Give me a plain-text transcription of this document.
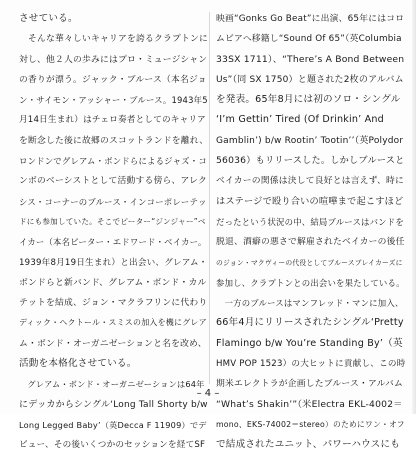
させている。
　そんな華々しいキャリアを誇るクラプトンに
対し、他２人の歩みにはプロ・ミュージシャン
の香りが漂う。ジャック・ブルース（本名ジョ
ン・サイモン・アッシャー・ブルース。1943年5
月14日生まれ）はチェロ奏者としてのキャリア
を断念した後に故郷のスコットランドを離れ、
ロンドンでグレアム・ボンドらによるジャズ・コ
ンボのベーシストとして活動する傍ら、アレク
シス・コーナーのブルース・インコーポレーテッ
ドにも参加していた。そこでピーター“ジンジャー”ベ
イカー（本名ピーター・エドワード・ベイカー。
1939年8月19日生まれ）と出会い、グレアム・
ボンドらと新バンド、グレアム・ボンド・カル
テットを結成、ジョン・マクラフリンに代わり
ディック・ヘクトール・スミスの加入を機にグレア
ム・ボンド・オーガニゼーションと名を改め、
活動を本格化させている。
　グレアム・ボンド・オーガニゼーションは64年
にデッカからシングル‘Long Tall Shorty b/w
Long Legged Baby’（英Decca F 11909）でデ
ビュー、その後いくつかのセッションを経てSF
映画“Gonks Go Beat”に出演、65年にはコロ
ムビアへ移籍し“Sound Of 65”（英Columbia
33SX 1711）、“There’s A Bond Between
Us”（同 SX 1750）と題された2枚のアルバム
を発表。65年8月には初のソロ・シングル
‘I’m Gettin’ Tired (Of Drinkin’ And
Gamblin’) b/w Rootin’ Tootin’’（英Polydor
56036）もリリースした。しかしブルースと
ベイカーの関係は決して良好とは言えず、時に
はステージで殴り合いの喧嘩まで起こすほど
だったという状況の中、結局ブルースはバンドを
脱退、酒癖の悪さで解雇されたベイカーの後任
のジョン・マクヴィーの代役としてブルースブレイカーズに
参加し、クラプトンとの出会いを果たしている。
　一方のブルースはマンフレッド・マンに加入、
66年4月にリリースされたシングル‘Pretty
Flamingo b/w You’re Standing By’（英
HMV POP 1523）の大ヒットに貢献し、この時
期米エレクトラが企画したブルース・アルバム
“What’s Shakin’”（米Electra EKL-4002＝
mono、EKS-74002＝stereo）のためにワン・オフ
で結成されたユニット、パワーハウスにも
– 4 –
